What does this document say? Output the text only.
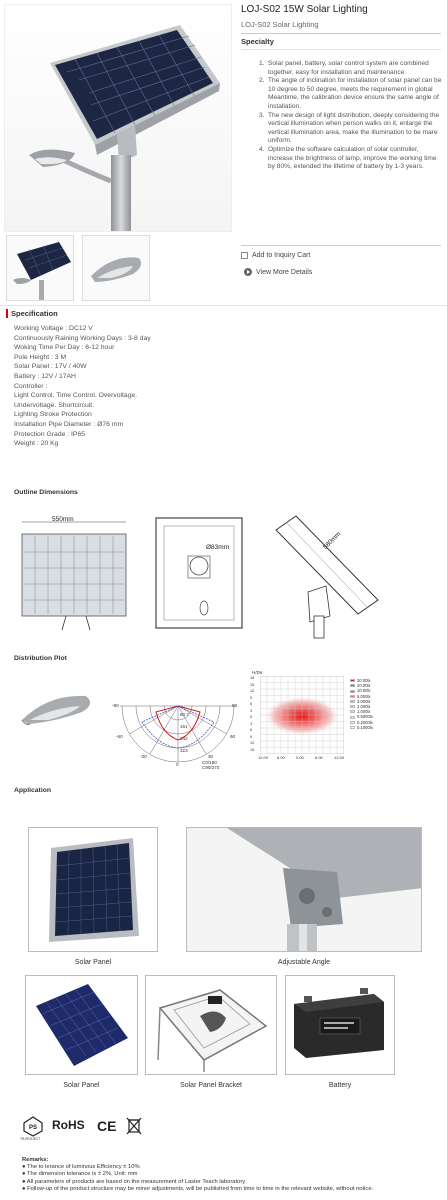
LOJ-S02 15W Solar Lighting
LOJ-S02 Solar Lighting
Specialty
1. Solar panel, battery, solar control system are combined together, easy for installation and maintenance.
2. The angle of inclination for installation of solar panel can be 10 degree to 50 degree, meets the requirement in global Meantime, the calibration device ensure the same angle of installation.
3. The new design of light distribution, deeply considering the vertical illumination when person walks on it, enlarge the vertical illumination area, make the illumination to be mare uniform.
4. Optimize the software calculation of solar controller, increase the brightness of lamp, improve the working time by 80%, extended the lifetime of battery by 1-3 years.
Add to Inquiry Cart
View More Details
Specification
Working Voltage : DC12 V
Continuously Raining Working Days : 3-8 day
Woking Time Per Day : 6-12 hour
Pole Height : 3 M
Solar Panel : 17V / 40W
Battery : 12V / 17AH
Controller :
Light Control. Time Control. Overvoltage.
Undervoltage. Shortcircuit.
Lighting Stroke Protection
Installation Pipe Diameter : Ø76 mm
Protection Grade : IP65
Weight : 20 Kg
Outline Dimensions
550mm
Ø83mm	580mm
Distribution Plot
-90	90
60
-60
30
-30
0
80.7
161
242
323
C0/180
C90/270
H/Ds
18
15
12
9
6
3
0
3
6
9
12
15
12.00 6.00	0.00	6.00	12.00
30.00lx
20.00lx
10.00lx
5.000lx
3.000lx
2.000lx
1.000lx
0.5000lx
0.2000lx
0.1000lx
Application
Solar Panel	Adjustable Angle
Solar Panel	Solar Panel Bracket	Battery
PS
TR-PROJECT
RoHS CE
Remarks:
● The to lerance of luminous Efficiency ± 10%
● The dimension tolerance is ± 2%, Unit: mm
● All parameters of products are based on the measurement of Laster Teach laboratory
● Follow-up of the product structure may be minor adjustments, will be published from time to time in the relevant website, without notice.
